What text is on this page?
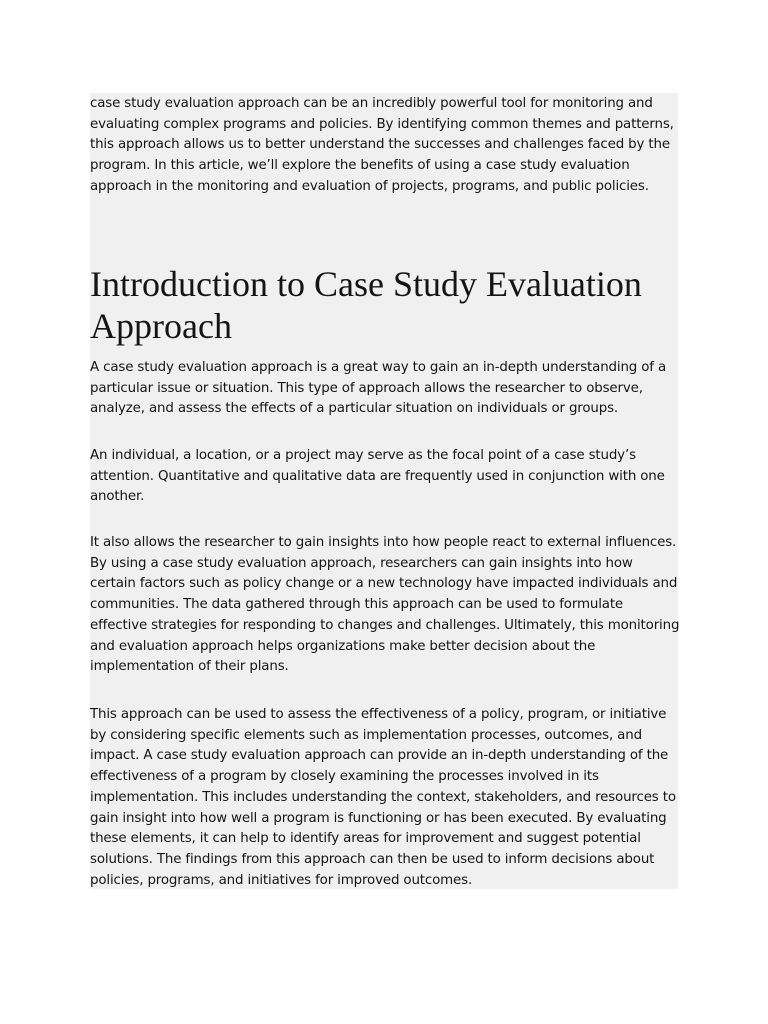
case study evaluation approach can be an incredibly powerful tool for monitoring and evaluating complex programs and policies. By identifying common themes and patterns, this approach allows us to better understand the successes and challenges faced by the program. In this article, we’ll explore the benefits of using a case study evaluation approach in the monitoring and evaluation of projects, programs, and public policies.

Introduction to Case Study Evaluation Approach

A case study evaluation approach is a great way to gain an in-depth understanding of a particular issue or situation. This type of approach allows the researcher to observe, analyze, and assess the effects of a particular situation on individuals or groups.

An individual, a location, or a project may serve as the focal point of a case study’s attention. Quantitative and qualitative data are frequently used in conjunction with one another.

It also allows the researcher to gain insights into how people react to external influences. By using a case study evaluation approach, researchers can gain insights into how certain factors such as policy change or a new technology have impacted individuals and communities. The data gathered through this approach can be used to formulate effective strategies for responding to changes and challenges. Ultimately, this monitoring and evaluation approach helps organizations make better decision about the implementation of their plans.

This approach can be used to assess the effectiveness of a policy, program, or initiative by considering specific elements such as implementation processes, outcomes, and impact. A case study evaluation approach can provide an in-depth understanding of the effectiveness of a program by closely examining the processes involved in its implementation. This includes understanding the context, stakeholders, and resources to gain insight into how well a program is functioning or has been executed. By evaluating these elements, it can help to identify areas for improvement and suggest potential solutions. The findings from this approach can then be used to inform decisions about policies, programs, and initiatives for improved outcomes.
